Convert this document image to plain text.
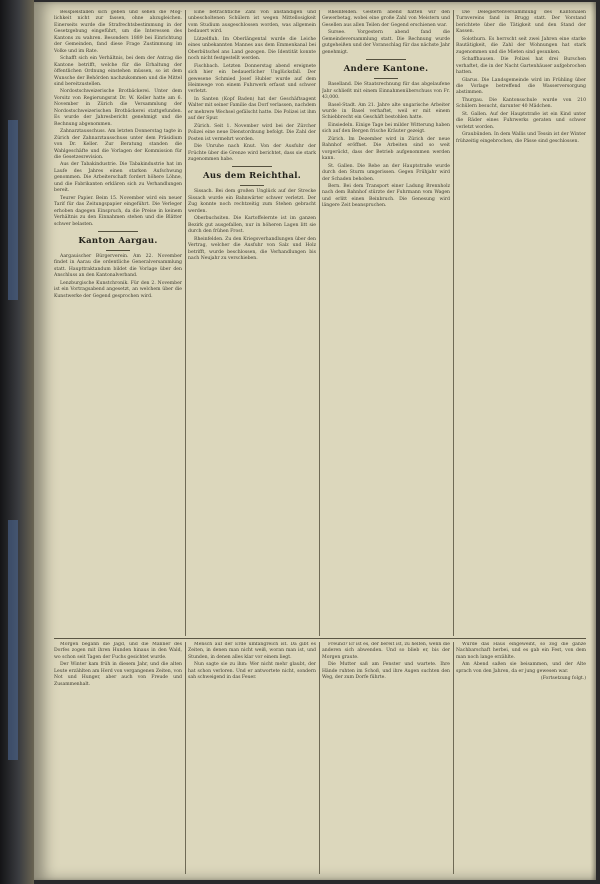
Beispielsfällen sich geben und sehen die Mög- lichkeit nicht zur fassen, ohne abzugleichen. Einerseits wurde die Strafrechtsbestimmung in der Gesetzgebung eingeführt, um die Interessen des Kantons zu wahren. Besonders 1889 bei Einrichtung der Gemeinden, fand diese Frage Zustimmung im Volke und im Rate.

Schafft sich ein Verhältnis, bei dem der Antrag die Kantone betrifft, welche für die Erhaltung der öffentlichen Ordnung einstehen müssen, so ist dem Wunsche der Behörden nachzukommen und die Mittel sind bereitzustellen.

Nordostschweizerische Brotbäckerei. Unter dem Vorsitz von Regierungsrat Dr. W. Keller hatte am 6. November in Zürich die Versammlung der Nordostschweizerischen Brotbäckerei stattgefunden. Es wurde der Jahresbericht genehmigt und die Rechnung abgenommen.

Zahnarztausschuss. Am letzten Donnerstag tagte in Zürich der Zahnarztausschuss unter dem Präsidium von Dr. Keller. Zur Beratung standen die Wahlgeschäfte und die Vorlagen der Kommission für die Gesetzesrevision.

Aus der Tabakindustrie. Die Tabakindustrie hat im Laufe des Jahres einen starken Aufschwung genommen. Die Arbeiterschaft fordert höhere Löhne, und die Fabrikanten erklären sich zu Verhandlungen bereit.

Teurer Papier. Beim 15. November wird ein neuer Tarif für das Zeitungspapier eingeführt. Die Verleger erhoben dagegen Einspruch, da die Preise in keinem Verhältnis zu den Einnahmen stehen und die Blätter schwer belasten.

Kanton Aargau.

Aargauischer Bürgerverein. Am 22. November findet in Aarau die ordentliche Generalversammlung statt. Haupttraktandum bildet die Vorlage über den Anschluss an den Kantonalverband.

Lenzburgische Kunstchronik. Für den 2. November ist ein Vortragsabend angesetzt, an welchem über die Kunstwerke der Gegend gesprochen wird.

Eine beträchtliche Zahl von anständigen und unbescholtenen Schülern ist wegen Mittellosigkeit vom Studium ausgeschlossen worden, was allgemein bedauert wird.

Lützelfluh. Im Oberlängental wurde die Leiche eines unbekannten Mannes aus dem Emmenkanal bei Oberbütschel ans Land gezogen. Die Identität konnte noch nicht festgestellt werden.

Fischbach. Letzten Donnerstag abend ereignete sich hier ein bedauerlicher Unglücksfall. Der gewesene Schmied Josef Hubler wurde auf dem Heimwege von einem Fuhrwerk erfasst und schwer verletzt.

In Santen (Kopf Baden) hat der Geschäftsagent Walter mit seiner Familie das Dorf verlassen, nachdem er mehrere Wechsel gefälscht hatte. Die Polizei ist ihm auf der Spur.

Zürich. Seit 1. November wird bei der Zürcher Polizei eine neue Dienstordnung befolgt. Die Zahl der Posten ist vermehrt worden.

Die Unruhe nach Knut. Von der Ausfuhr der Früchte über die Grenze wird berichtet, dass sie stark zugenommen habe.

Aus dem Reichthal.

Sissach. Bei dem großen Unglück auf der Strecke Sissach wurde ein Bahnwärter schwer verletzt. Der Zug konnte noch rechtzeitig zum Stehen gebracht werden.

Oberbuchsiten. Die Kartoffelernte ist im ganzen Bezirk gut ausgefallen, nur in höheren Lagen litt sie durch den frühen Frost.

Rheinfelden. Zu den Kriegsverhandlungen über den Vertrag, welcher die Ausfuhr von Salz und Holz betrifft, wurde beschlossen, die Verhandlungen bis nach Neujahr zu verschieben.

Rheinfelden. Gestern abend hatten wir den Gewerbetag, wobei eine große Zahl von Meistern und Gesellen aus allen Teilen der Gegend erschienen war.

Sursee. Vorgestern abend fand die Gemeindeversammlung statt. Die Rechnung wurde gutgeheißen und der Voranschlag für das nächste Jahr genehmigt.

Andere Kantone.

Baselland. Die Staatsrechnung für das abgelaufene Jahr schließt mit einem Einnahmenüberschuss von Fr. 43,000.

Basel-Stadt. Am 21. Jahre alte ungarische Arbeiter wurde in Basel verhaftet, weil er mit einem Schiebbrecht ein Geschäft bestohlen hatte.

Einsiedeln. Einige Tage bei milder Witterung haben sich auf den Bergen frische Kräuter gezeigt.

Zürich. Im Dezember wird in Zürich der neue Bahnhof eröffnet. Die Arbeiten sind so weit vorgerückt, dass der Betrieb aufgenommen werden kann.

St. Gallen. Die Rebe an der Hauptstraße wurde durch den Sturm umgerissen. Gegen Frühjahr wird der Schaden behoben.

Bern. Bei dem Transport einer Ladung Brennholz nach dem Bahnhof stürzte der Fuhrmann vom Wagen und erlitt einen Beinbruch. Die Genesung wird längere Zeit beanspruchen.

Die Delegiertenversammlung des Kantonalen Turnvereins fand in Brugg statt. Der Vorstand berichtete über die Tätigkeit und den Stand der Kassen.

Solothurn. Es herrscht seit zwei Jahren eine starke Bautätigkeit, die Zahl der Wohnungen hat stark zugenommen und die Mieten sind gesunken.

Schaffhausen. Die Polizei hat drei Burschen verhaftet, die in der Nacht Gartenhäuser aufgebrochen hatten.

Glarus. Die Landsgemeinde wird im Frühling über die Vorlage betreffend die Wasserversorgung abstimmen.

Thurgau. Die Kantonsschule wurde von 210 Schülern besucht, darunter 40 Mädchen.

St. Gallen. Auf der Hauptstraße ist ein Kind unter die Räder eines Fuhrwerks geraten und schwer verletzt worden.

Graubünden. In dem Wallis und Tessin ist der Winter frühzeitig eingebrochen, die Pässe sind geschlossen.

Morgen begann die Jagd, und die Männer des Dorfes zogen mit ihren Hunden hinaus in den Wald, wo schon seit Tagen der Fuchs gesichtet wurde.

Der Winter kam früh in diesem Jahr, und die alten Leute erzählten am Herd von vergangenen Zeiten, von Not und Hunger, aber auch von Freude und Zusammenhalt.

Mensch auf der Erde umfangreich ist. Da gibt es Zeiten, in denen man nicht weiß, woran man ist, und Stunden, in denen alles klar vor einem liegt.

Nun sagte sie zu ihm: Wer nicht mehr glaubt, der hat schon verloren. Und er antwortete nicht, sondern sah schweigend in das Feuer.

Freund? Er ist es, der bereit ist, zu helfen, wenn die anderen sich abwenden. Und so blieb er, bis der Morgen graute.

Die Mutter saß am Fenster und wartete. Ihre Hände ruhten im Schoß, und ihre Augen suchten den Weg, der zum Dorfe führte.

Wurde das Haus eingeweiht, so zog die ganze Nachbarschaft herbei, und es gab ein Fest, von dem man noch lange erzählte.

Am Abend saßen sie beisammen, und der Alte sprach von den Jahren, da er jung gewesen war.

(Fortsetzung folgt.)
